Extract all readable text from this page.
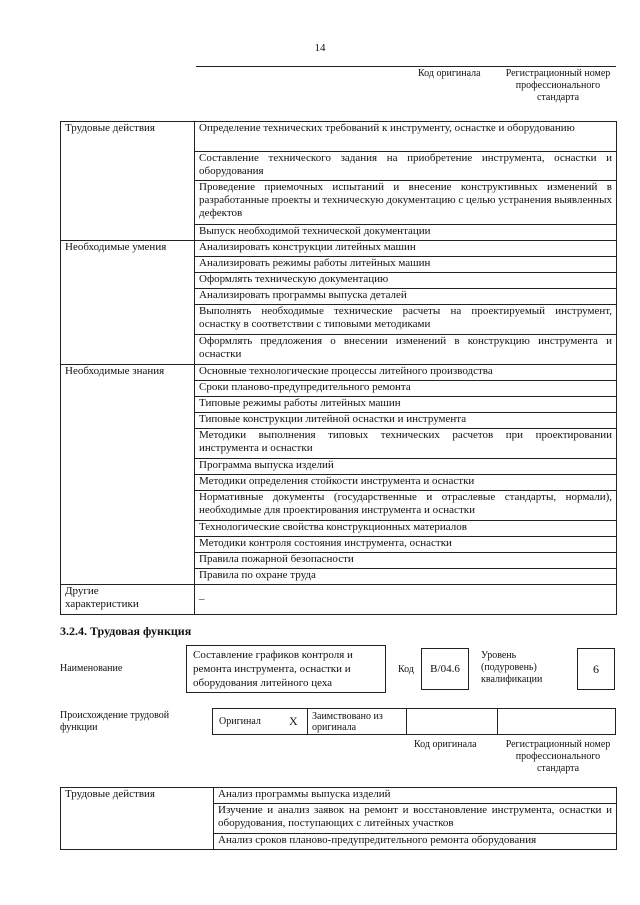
14
Код оригинала	Регистрационный номер
профессионального
стандарта
Трудовые действия	Определение технических требований к инструменту, оснастке и оборудованию
	Составление технического задания на приобретение инструмента, оснастки и оборудования
	Проведение приемочных испытаний и внесение конструктивных изменений в разработанные проекты и техническую документацию с целью устранения выявленных дефектов
	Выпуск необходимой технической документации
Необходимые умения	Анализировать конструкции литейных машин
	Анализировать режимы работы литейных машин
	Оформлять техническую документацию
	Анализировать программы выпуска деталей
	Выполнять необходимые технические расчеты на проектируемый инструмент, оснастку в соответствии с типовыми методиками
	Оформлять предложения о внесении изменений в конструкцию инструмента и оснастки
Необходимые знания	Основные технологические процессы литейного производства
	Сроки планово-предупредительного ремонта
	Типовые режимы работы литейных машин
	Типовые конструкции литейной оснастки и инструмента
	Методики выполнения типовых технических расчетов при проектировании инструмента и оснастки
	Программа выпуска изделий
	Методики определения стойкости инструмента и оснастки
	Нормативные документы (государственные и отраслевые стандарты, нормали), необходимые для проектирования инструмента и оснастки
	Технологические свойства конструкционных материалов
	Методики контроля состояния инструмента, оснастки
	Правила пожарной безопасности
	Правила по охране труда

Другие
характеристики	–
3.2.4. Трудовая функция
Наименование
Составление графиков контроля и
ремонта инструмента, оснастки и
оборудования литейного цеха
Код	B/04.6
Уровень
(подуровень)
квалификации
6
Происхождение трудовой
функции
Оригинал X Заимствовано из
оригинала
Код оригинала	Регистрационный номер
профессионального
стандарта
Трудовые действия	Анализ программы выпуска изделий
Изучение и анализ заявок на ремонт и восстановление инструмента, оснастки и оборудования, поступающих с литейных участков
Анализ сроков планово-предупредительного ремонта оборудования
